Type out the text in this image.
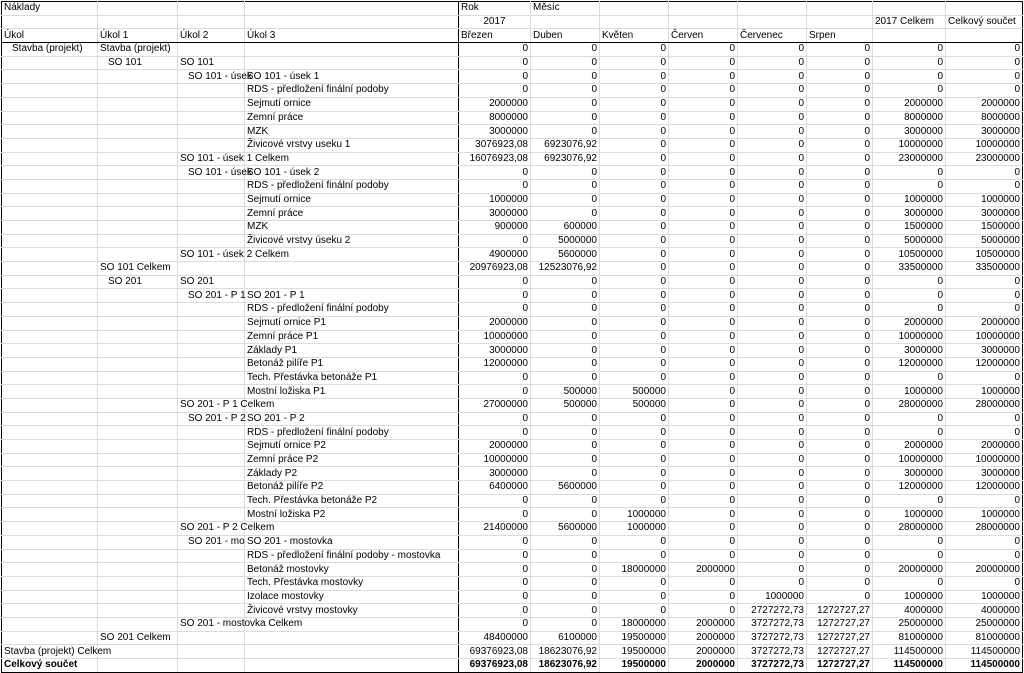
Náklady				Rok	Měsíc						
				2017						2017 Celkem	Celkový součet
Úkol	Úkol 1	Úkol 2	Úkol 3	Březen	Duben	Květen	Červen	Červenec	Srpen		
Stavba (projekt)	Stavba (projekt)			0	0	0	0	0	0	0	0
	SO 101	SO 101		0	0	0	0	0	0	0	0
		SO 101 - úsek	SO 101 - úsek 1	0	0	0	0	0	0	0	0
			RDS - předložení finální podoby	0	0	0	0	0	0	0	0
			Sejmutí ornice	2000000	0	0	0	0	0	2000000	2000000
			Zemní práce	8000000	0	0	0	0	0	8000000	8000000
			MZK	3000000	0	0	0	0	0	3000000	3000000
			Živicové vrstvy useku 1	3076923,08	6923076,92	0	0	0	0	10000000	10000000
		SO 101 - úsek 1 Celkem		16076923,08	6923076,92	0	0	0	0	23000000	23000000
		SO 101 - úsek	SO 101 - úsek 2	0	0	0	0	0	0	0	0
			RDS - předložení finální podoby	0	0	0	0	0	0	0	0
			Sejmutí ornice	1000000	0	0	0	0	0	1000000	1000000
			Zemní práce	3000000	0	0	0	0	0	3000000	3000000
			MZK	900000	600000	0	0	0	0	1500000	1500000
			Živicové vrstvy úseku 2	0	5000000	0	0	0	0	5000000	5000000
		SO 101 - úsek 2 Celkem		4900000	5600000	0	0	0	0	10500000	10500000
	SO 101 Celkem			20976923,08	12523076,92	0	0	0	0	33500000	33500000
	SO 201	SO 201		0	0	0	0	0	0	0	0
		SO 201 - P 1	SO 201 - P 1	0	0	0	0	0	0	0	0
			RDS - předložení finální podoby	0	0	0	0	0	0	0	0
			Sejmutí ornice P1	2000000	0	0	0	0	0	2000000	2000000
			Zemní práce P1	10000000	0	0	0	0	0	10000000	10000000
			Základy P1	3000000	0	0	0	0	0	3000000	3000000
			Betonáž pilíře P1	12000000	0	0	0	0	0	12000000	12000000
			Tech. Přestávka betonáže P1	0	0	0	0	0	0	0	0
			Mostní ložiska P1	0	500000	500000	0	0	0	1000000	1000000
		SO 201 - P 1 Celkem		27000000	500000	500000	0	0	0	28000000	28000000
		SO 201 - P 2	SO 201 - P 2	0	0	0	0	0	0	0	0
			RDS - předložení finální podoby	0	0	0	0	0	0	0	0
			Sejmutí ornice P2	2000000	0	0	0	0	0	2000000	2000000
			Zemní práce P2	10000000	0	0	0	0	0	10000000	10000000
			Základy P2	3000000	0	0	0	0	0	3000000	3000000
			Betonáž pilíře P2	6400000	5600000	0	0	0	0	12000000	12000000
			Tech. Přestávka betonáže P2	0	0	0	0	0	0	0	0
			Mostní ložiska P2	0	0	1000000	0	0	0	1000000	1000000
		SO 201 - P 2 Celkem		21400000	5600000	1000000	0	0	0	28000000	28000000
		SO 201 - mo	SO 201 - mostovka	0	0	0	0	0	0	0	0
			RDS - předložení finální podoby - mostovka	0	0	0	0	0	0	0	0
			Betonáž mostovky	0	0	18000000	2000000	0	0	20000000	20000000
			Tech. Přestávka mostovky	0	0	0	0	0	0	0	0
			Izolace mostovky	0	0	0	0	1000000	0	1000000	1000000
			Živicové vrstvy mostovky	0	0	0	0	2727272,73	1272727,27	4000000	4000000
		SO 201 - mostovka Celkem		0	0	18000000	2000000	3727272,73	1272727,27	25000000	25000000
	SO 201 Celkem			48400000	6100000	19500000	2000000	3727272,73	1272727,27	81000000	81000000
Stavba (projekt) Celkem				69376923,08	18623076,92	19500000	2000000	3727272,73	1272727,27	114500000	114500000
Celkový součet				69376923,08	18623076,92	19500000	2000000	3727272,73	1272727,27	114500000	114500000
